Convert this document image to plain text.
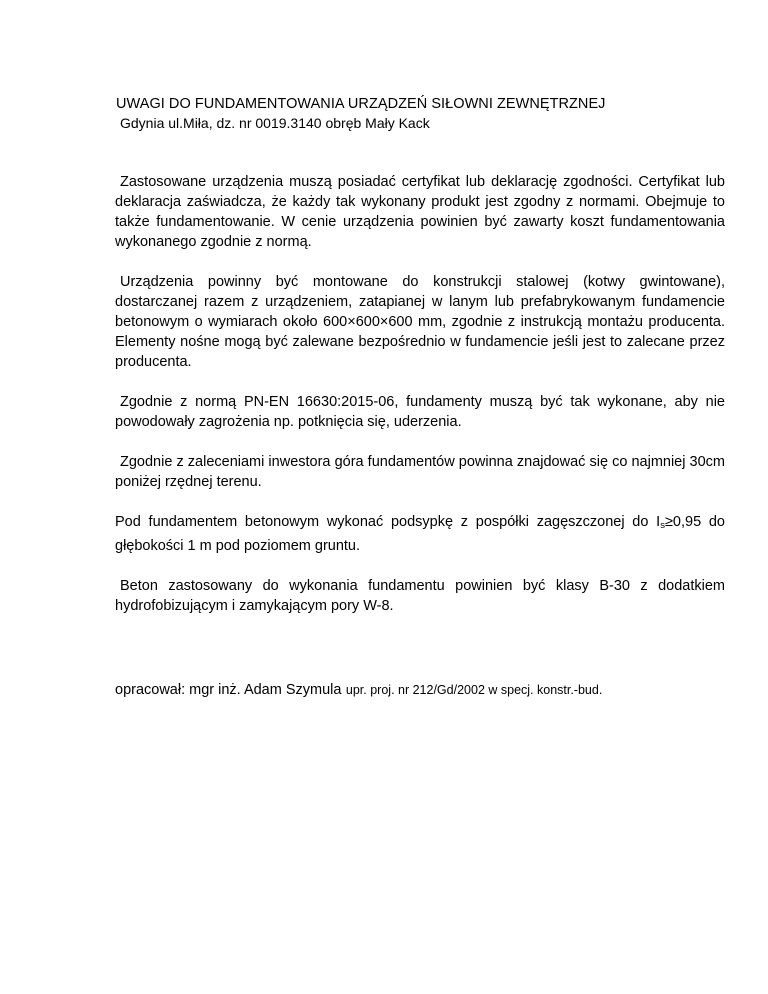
UWAGI DO FUNDAMENTOWANIA URZĄDZEŃ SIŁOWNI ZEWNĘTRZNEJ

Gdynia ul.Miła, dz. nr 0019.3140 obręb Mały Kack

Zastosowane urządzenia muszą posiadać certyfikat lub deklarację zgodności. Certyfikat lub deklaracja zaświadcza, że każdy tak wykonany produkt jest zgodny z normami. Obejmuje to także fundamentowanie. W cenie urządzenia powinien być zawarty koszt fundamentowania wykonanego zgodnie z normą.

Urządzenia powinny być montowane do konstrukcji stalowej (kotwy gwintowane), dostarczanej razem z urządzeniem, zatapianej w lanym lub prefabrykowanym fundamencie betonowym o wymiarach około 600×600×600 mm, zgodnie z instrukcją montażu producenta. Elementy nośne mogą być zalewane bezpośrednio w fundamencie jeśli jest to zalecane przez producenta.

Zgodnie z normą PN-EN 16630:2015-06, fundamenty muszą być tak wykonane, aby nie powodowały zagrożenia np. potknięcia się, uderzenia.

Zgodnie z zaleceniami inwestora góra fundamentów powinna znajdować się co najmniej 30cm poniżej rzędnej terenu.

Pod fundamentem betonowym wykonać podsypkę z pospółki zagęszczonej do $I_s\ge 0,95$ do głębokości 1 m pod poziomem gruntu.

Beton zastosowany do wykonania fundamentu powinien być klasy B-30 z dodatkiem hydrofobizującym i zamykającym pory W-8.

opracował: mgr inż. Adam Szymula upr. proj. nr 212/Gd/2002 w specj. konstr.-bud.
